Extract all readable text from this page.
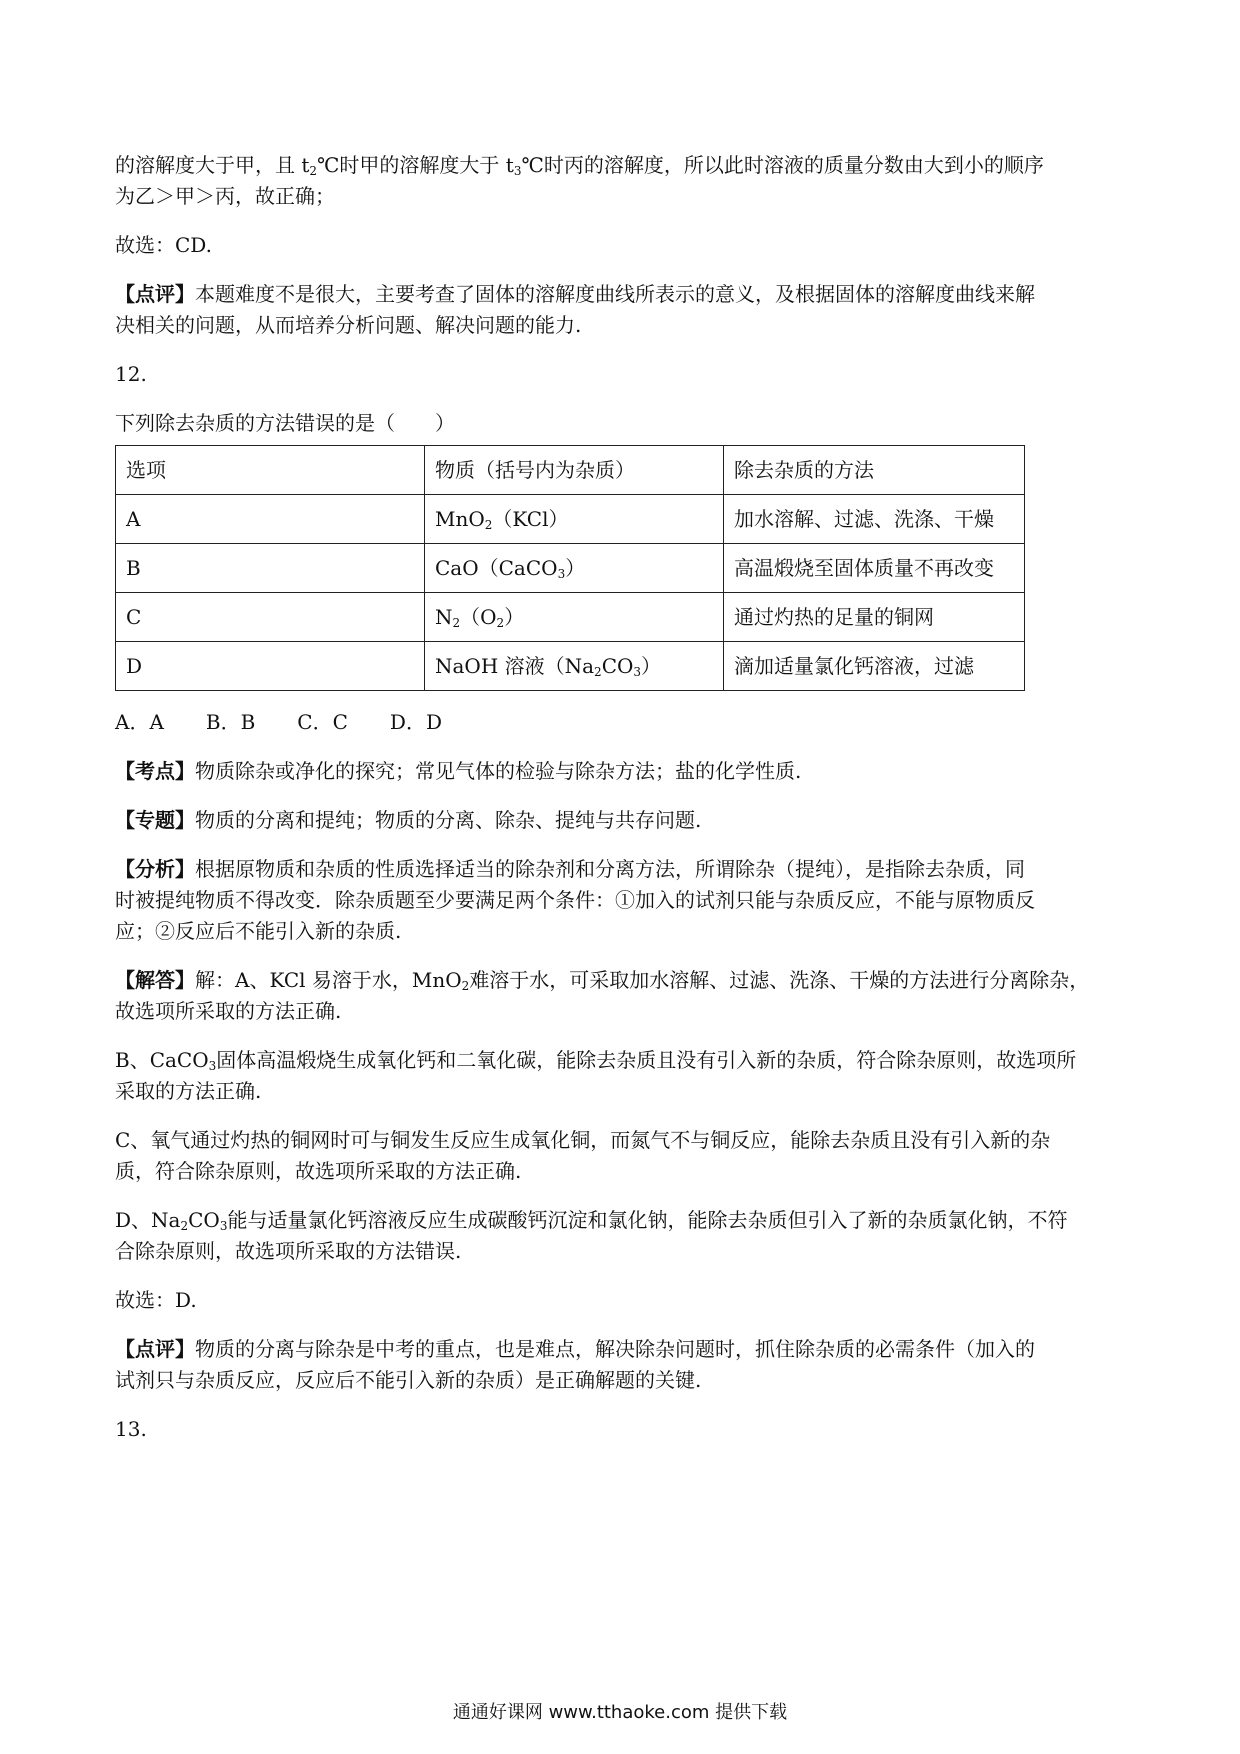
的溶解度大于甲，且 $t_2℃$时甲的溶解度大于 $t_3℃$时丙的溶解度，所以此时溶液的质量分数由大到小的顺序
为乙＞甲＞丙，故正确；

故选：CD.

【点评】本题难度不是很大，主要考查了固体的溶解度曲线所表示的意义，及根据固体的溶解度曲线来解
决相关的问题，从而培养分析问题、解决问题的能力.

12.

下列除去杂质的方法错误的是（　　）

选项	物质（括号内为杂质）	除去杂质的方法
A	MnO$_2$（KCl）	加水溶解、过滤、洗涤、干燥
B	CaO（CaCO$_3$）	高温煅烧至固体质量不再改变
C	$N_2(O_2)$	通过灼热的足量的铜网
D	NaOH 溶液$(Na_2CO_3)$	滴加适量氯化钙溶液，过滤

A．A B．B C．C D．D

【考点】物质除杂或净化的探究；常见气体的检验与除杂方法；盐的化学性质.

【专题】物质的分离和提纯；物质的分离、除杂、提纯与共存问题.

【分析】根据原物质和杂质的性质选择适当的除杂剂和分离方法，所谓除杂（提纯），是指除去杂质，同
时被提纯物质不得改变．除杂质题至少要满足两个条件：①加入的试剂只能与杂质反应，不能与原物质反
应；②反应后不能引入新的杂质.

【解答】解：A、KCl 易溶于水，MnO$_2$难溶于水，可采取加水溶解、过滤、洗涤、干燥的方法进行分离除杂，
故选项所采取的方法正确.

B、CaCO$_3$固体高温煅烧生成氧化钙和二氧化碳，能除去杂质且没有引入新的杂质，符合除杂原则，故选项所
采取的方法正确.

C、氧气通过灼热的铜网时可与铜发生反应生成氧化铜，而氮气不与铜反应，能除去杂质且没有引入新的杂
质，符合除杂原则，故选项所采取的方法正确.

D、$Na_2CO_3$能与适量氯化钙溶液反应生成碳酸钙沉淀和氯化钠，能除去杂质但引入了新的杂质氯化钠，不符
合除杂原则，故选项所采取的方法错误.

故选：D.

【点评】物质的分离与除杂是中考的重点，也是难点，解决除杂问题时，抓住除杂质的必需条件（加入的
试剂只与杂质反应，反应后不能引入新的杂质）是正确解题的关键.

13.

通通好课网 www.tthaoke.com 提供下载
